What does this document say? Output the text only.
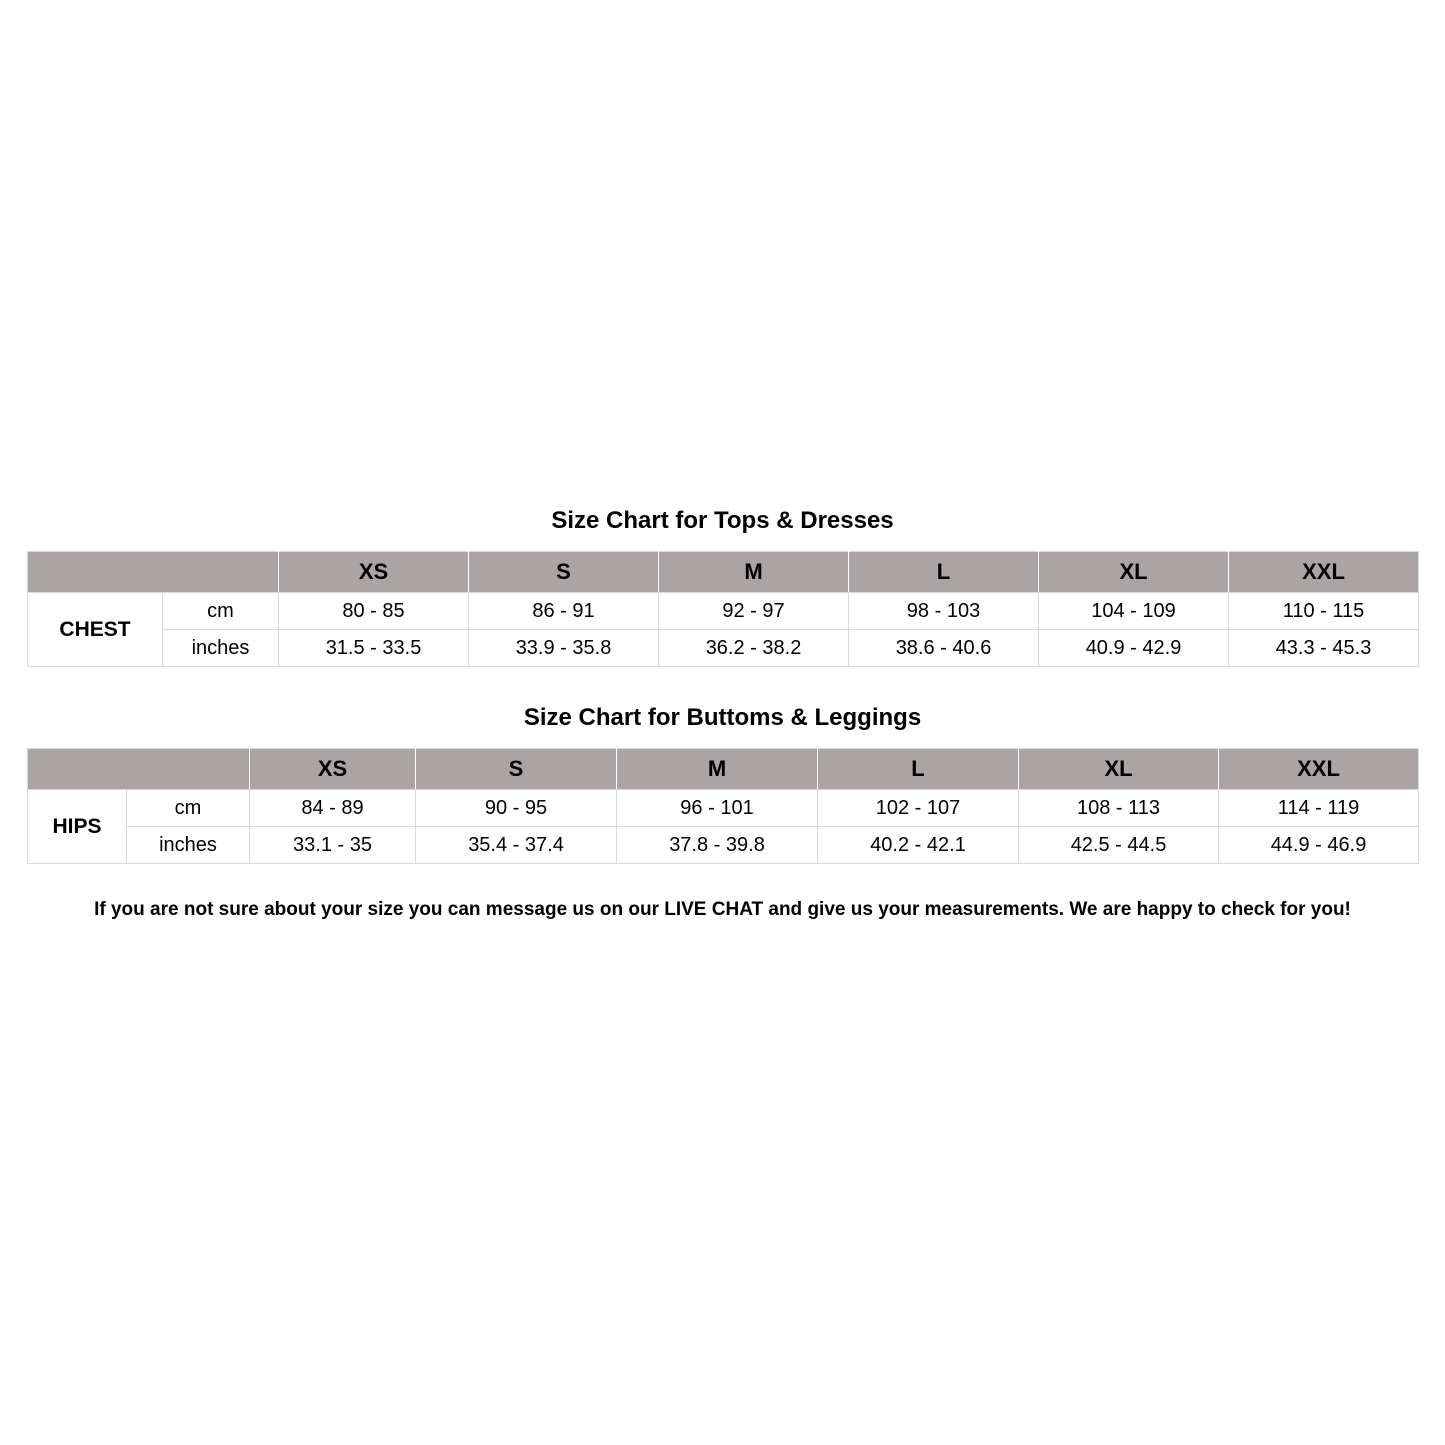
Size Chart for Tops & Dresses
		XS	S	M	L	XL	XXL
CHEST	cm	80 - 85	86 - 91	92 - 97	98 - 103	104 - 109	110 - 115
	inches	31.5 - 33.5	33.9 - 35.8	36.2 - 38.2	38.6 - 40.6	40.9 - 42.9	43.3 - 45.3
Size Chart for Buttoms & Leggings
		XS	S	M	L	XL	XXL
HIPS	cm	84 - 89	90 - 95	96 - 101	102 - 107	108 - 113	114 - 119
	inches	33.1 - 35	35.4 - 37.4	37.8 - 39.8	40.2 - 42.1	42.5 - 44.5	44.9 - 46.9
If you are not sure about your size you can message us on our LIVE CHAT and give us your measurements. We are happy to check for you!
